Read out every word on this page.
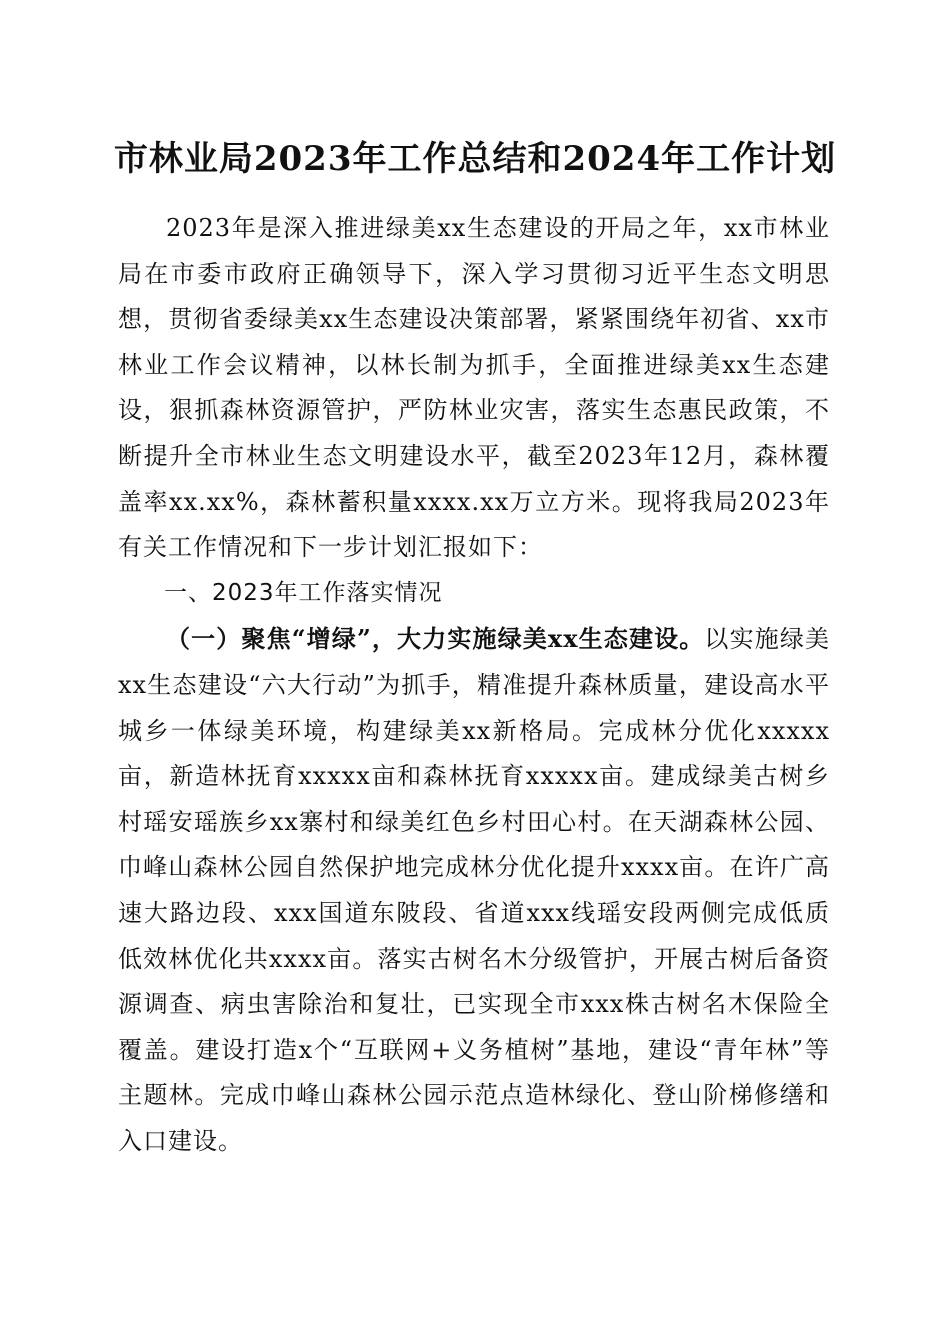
市林业局2023年工作总结和2024年工作计划

2023年是深入推进绿美xx生态建设的开局之年，xx市林业局在市委市政府正确领导下，深入学习贯彻习近平生态文明思想，贯彻省委绿美xx生态建设决策部署，紧紧围绕年初省、xx市林业工作会议精神，以林长制为抓手，全面推进绿美xx生态建设，狠抓森林资源管护，严防林业灾害，落实生态惠民政策，不断提升全市林业生态文明建设水平，截至2023年12月，森林覆盖率xx.xx%，森林蓄积量xxxx.xx万立方米。现将我局2023年有关工作情况和下一步计划汇报如下：

一、2023年工作落实情况

（一）聚焦“增绿”，大力实施绿美xx生态建设。以实施绿美xx生态建设“六大行动”为抓手，精准提升森林质量，建设高水平城乡一体绿美环境，构建绿美xx新格局。完成林分优化xxxxx亩，新造林抚育xxxxx亩和森林抚育xxxxx亩。建成绿美古树乡村瑶安瑶族乡xx寨村和绿美红色乡村田心村。在天湖森林公园、巾峰山森林公园自然保护地完成林分优化提升xxxx亩。在许广高速大路边段、xxx国道东陂段、省道xxx线瑶安段两侧完成低质低效林优化共xxxx亩。落实古树名木分级管护，开展古树后备资源调查、病虫害除治和复壮，已实现全市xxx株古树名木保险全覆盖。建设打造x个“互联网+义务植树”基地，建设“青年林”等主题林。完成巾峰山森林公园示范点造林绿化、登山阶梯修缮和入口建设。
